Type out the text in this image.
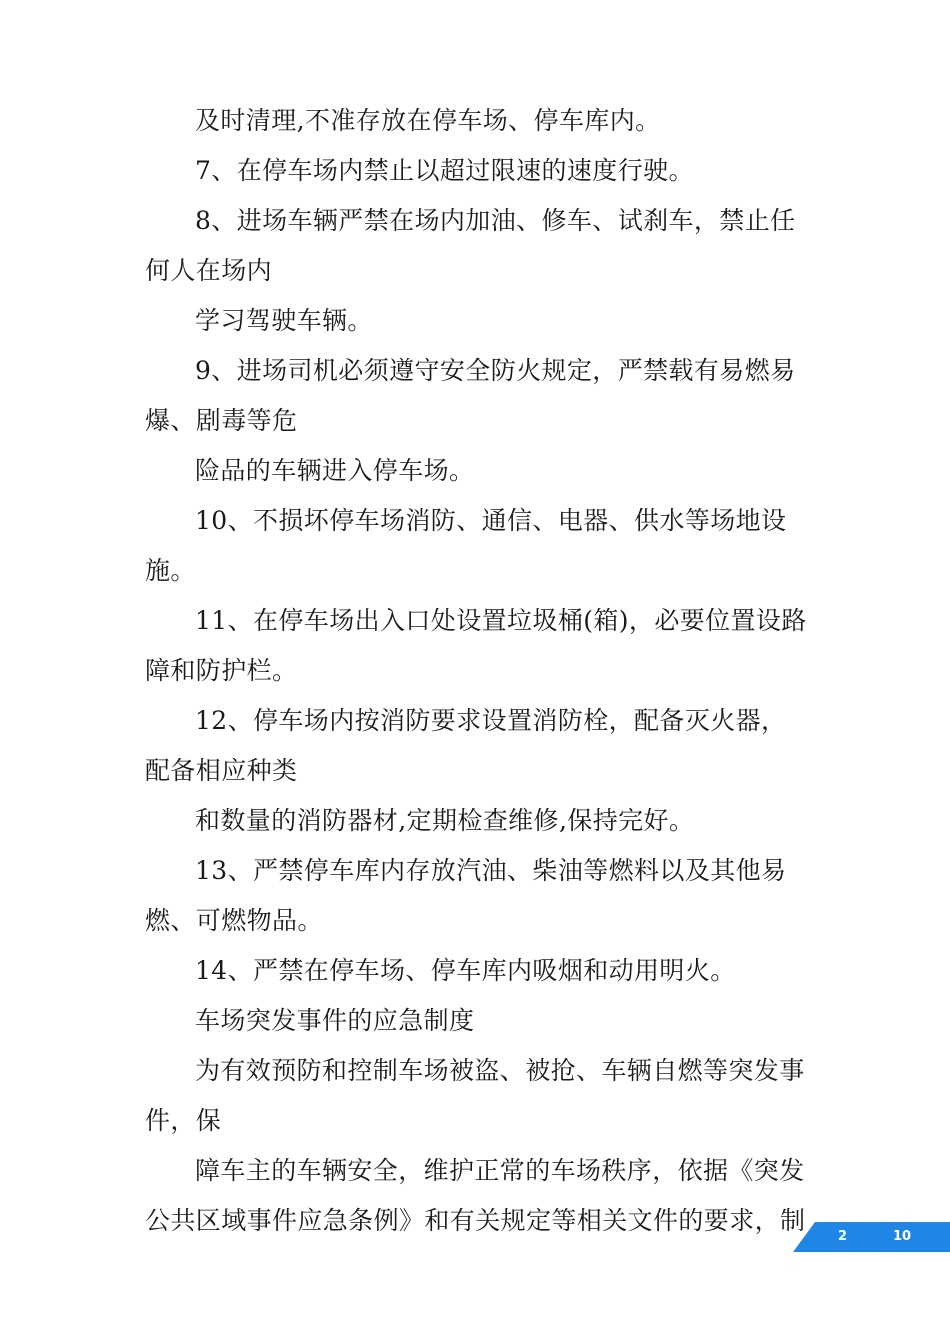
及时清理,不准存放在停车场、停车库内。

7、在停车场内禁止以超过限速的速度行驶。

8、进场车辆严禁在场内加油、修车、试刹车，禁止任何人在场内

学习驾驶车辆。

9、进场司机必须遵守安全防火规定，严禁载有易燃易爆、剧毒等危

险品的车辆进入停车场。

10、不损坏停车场消防、通信、电器、供水等场地设施。

11、在停车场出入口处设置垃圾桶(箱)，必要位置设路障和防护栏。

12、停车场内按消防要求设置消防栓，配备灭火器，配备相应种类

和数量的消防器材,定期检查维修,保持完好。

13、严禁停车库内存放汽油、柴油等燃料以及其他易燃、可燃物品。

14、严禁在停车场、停车库内吸烟和动用明火。

车场突发事件的应急制度

为有效预防和控制车场被盗、被抢、车辆自燃等突发事件，保

障车主的车辆安全，维护正常的车场秩序，依据《突发公共区域事件应急条例》和有关规定等相关文件的要求，制

2	10
